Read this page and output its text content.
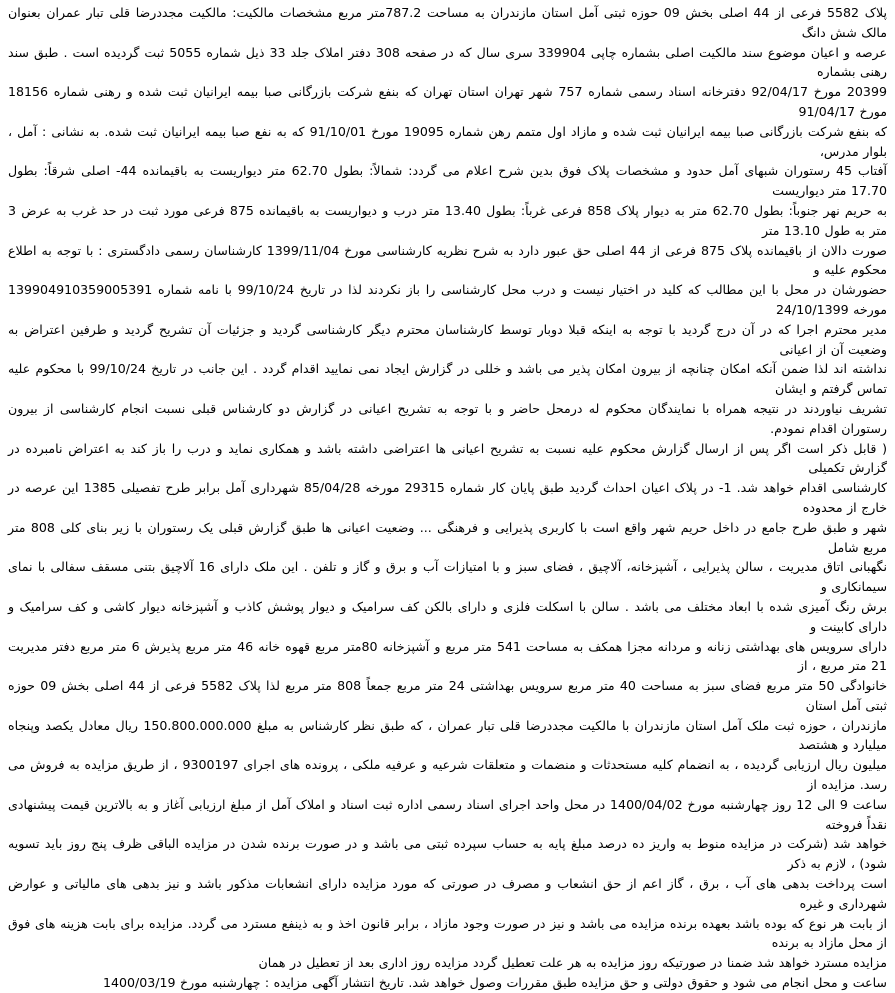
پلاک 5582 فرعی از 44 اصلی بخش 09 حوزه ثبتی آمل استان مازندران به مساحت 787.2متر مربع مشخصات مالکیت: مالکیت مجددرضا قلی تبار عمران بعنوان مالک شش دانگ

عرصه و اعیان موضوع سند مالکیت اصلی بشماره چاپی 339904 سری سال که در صفحه 308 دفتر املاک جلد 33 ذیل شماره 5055 ثبت گردیده است . طبق سند رهنی بشماره

20399 مورخ 92/04/17 دفترخانه اسناد رسمی شماره 757 شهر تهران استان تهران که بنفع شرکت بازرگانی صبا بیمه ایرانیان ثبت شده و رهنی شماره 18156 مورخ 91/04/17

که بنفع شرکت بازرگانی صبا بیمه ایرانیان ثبت شده و مازاد اول متمم رهن شماره 19095 مورخ 91/10/01 که به نفع صبا بیمه ایرانیان ثبت شده. به نشانی : آمل ، بلوار مدرس،

آفتاب 45 رستوران شبهای آمل حدود و مشخصات پلاک فوق بدین شرح اعلام می گردد: شمالاً: بطول 62.70 متر دیواریست به باقیمانده 44- اصلی شرقاً: بطول 17.70 متر دیواریست

به حریم نهر جنوباً: بطول 62.70 متر به دیوار پلاک 858 فرعی غرباً: بطول 13.40 متر درب و دیواریست به باقیمانده 875 فرعی مورد ثبت در حد غرب به عرض 3 متر به طول 13.10 متر

صورت دالان از باقیمانده پلاک 875 فرعی از 44 اصلی حق عبور دارد به شرح نظریه کارشناسی مورخ 1399/11/04 کارشناسان رسمی دادگستری : با توجه به اطلاع محکوم علیه و

حضورشان در محل با این مطالب که کلید در اختیار نیست و درب محل کارشناسی را باز نکردند لذا در تاریخ 99/10/24 با نامه شماره 13990491035900539​1 مورخه 24/10/1399

مدیر محترم اجرا که در آن درج گردید با توجه به اینکه قبلا دوبار توسط کارشناسان محترم دیگر کارشناسی گردید و جزئیات آن تشریح گردید و طرفین اعتراض به وضعیت آن از اعیانی

نداشته اند لذا ضمن آنکه امکان چنانچه از بیرون امکان پذیر می باشد و خللی در گزارش ایجاد نمی نمایید اقدام گردد . این جانب در تاریخ 99/10/24 با محکوم علیه تماس گرفتم و ایشان

تشریف نیاوردند در نتیجه همراه با نمایندگان محکوم له درمحل حاضر و با توجه به تشریح اعیانی در گزارش دو کارشناس قبلی نسبت انجام کارشناسی از بیرون رستوران اقدام نمودم.

( قابل ذکر است اگر پس از ارسال گزارش محکوم علیه نسبت به تشریح اعیانی ها اعتراضی داشته باشد و همکاری نماید و درب را باز کند به اعتراض نامبرده در گزارش تکمیلی

کارشناسی اقدام خواهد شد. 1- در پلاک اعیان احداث گردید طبق پایان کار شماره 29315 مورخه 85/04/28 شهرداری آمل برابر طرح تفصیلی 1385 این عرصه در خارج از محدوده

شهر و طبق طرح جامع در داخل حریم شهر واقع است با کاربری پذیرایی و فرهنگی ... وضعیت اعیانی ها طبق گزارش قبلی یک رستوران با زیر بنای کلی 808 متر مربع شامل

نگهبانی اتاق مدیریت ، سالن پذیرایی ، آشپزخانه، آلاچیق ، فضای سبز و با امتیازات آب و برق و گاز و تلفن . این ملک دارای 16 آلاچیق بتنی مسقف سفالی با نمای سیمانکاری و

برش رنگ آمیزی شده با ابعاد مختلف می باشد . سالن با اسکلت فلزی و دارای بالکن کف سرامیک و دیوار پوشش کاذب و آشپزخانه دیوار کاشی و کف سرامیک و دارای کابینت و

دارای سرویس های بهداشتی زنانه و مردانه مجزا همکف به مساحت 541 متر مربع و آشپزخانه 80متر مربع قهوه خانه 46 متر مربع پذیرش 6 متر مربع دفتر مدیریت 21 متر مربع ، از

خانوادگی 50 متر مربع فضای سبز به مساحت 40 متر مربع سرویس بهداشتی 24 متر مربع جمعاً 808 متر مربع لذا پلاک 5582 فرعی از 44 اصلی بخش 09 حوزه ثبتی آمل استان

مازندران ، حوزه ثبت ملک آمل استان مازندران با مالکیت مجددرضا قلی تبار عمران ، که طبق نظر کارشناس به مبلغ 150.800.000.000 ریال معادل یکصد وپنجاه میلیارد و هشتصد

میلیون ریال ارزیابی گردیده ، به انضمام کلیه مستحدثات و منضمات و متعلقات شرعیه و عرفیه ملکی ، پرونده های اجرای 9300197 ، از طریق مزایده به فروش می رسد. مزایده از

ساعت 9 الی 12 روز چهارشنبه مورخ 1400/04/02 در محل واحد اجرای اسناد رسمی اداره ثبت اسناد و املاک آمل از مبلغ ارزیابی آغاز و به بالاترین قیمت پیشنهادی نقداً فروخته

خواهد شد (شرکت در مزایده منوط به واریز ده درصد مبلغ پایه به حساب سپرده ثبتی می باشد و در صورت برنده شدن در مزایده الباقی ظرف پنج روز باید تسویه شود) ، لازم به ذکر

است پرداخت بدهی های آب ، برق ، گاز اعم از حق انشعاب و مصرف در صورتی که مورد مزایده دارای انشعابات مذکور باشد و نیز بدهی های مالیاتی و عوارض شهرداری و غیره

از بابت هر نوع که بوده باشد بعهده برنده مزایده می باشد و نیز در صورت وجود مازاد ، برابر قانون اخذ و به ذینفع مسترد می گردد. مزایده برای بابت هزینه های فوق از محل مازاد به برنده

مزایده مسترد خواهد شد ضمنا در صورتیکه روز مزایده به هر علت تعطیل گردد مزایده روز اداری بعد از تعطیل در همان

ساعت و محل انجام می شود و حقوق دولتی و حق مزایده طبق مقررات وصول خواهد شد. تاریخ انتشار آگهی مزایده : چهارشنبه مورخ 1400/03/19
